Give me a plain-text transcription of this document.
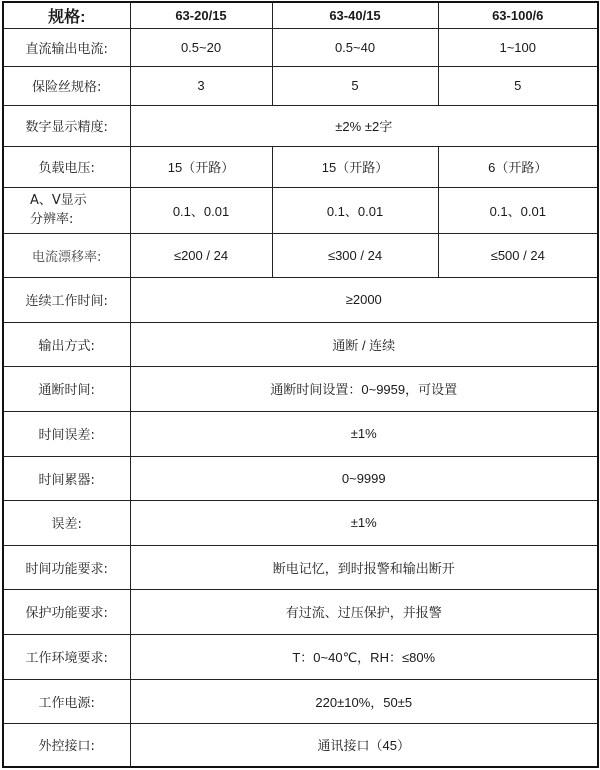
规格:	63-20/15	63-40/15	63-100/6
直流输出电流:	0.5~20	0.5~40	1~100
保险丝规格:	3	5	5
数字显示精度:	±2% ±2字		
负载电压:	15（开路）	15（开路）	6（开路）

A、V显示
分辨率:	0.1、0.01	0.1、0.01	0.1、0.01
电流漂移率:	≤200 / 24	≤300 / 24	≤500 / 24
连续工作时间:	≥2000		
输出方式:	通断 / 连续		
通断时间:	通断时间设置：0~9959，可设置		
时间误差:	±1%		
时间累器:	0~9999		
误差:	±1%		
时间功能要求:	断电记忆，到时报警和输出断开		
保护功能要求:	有过流、过压保护，并报警		
工作环境要求:	T：0~40℃，RH：≤80%		
工作电源:	220±10%，50±5		
外控接口:	通讯接口（45）		
